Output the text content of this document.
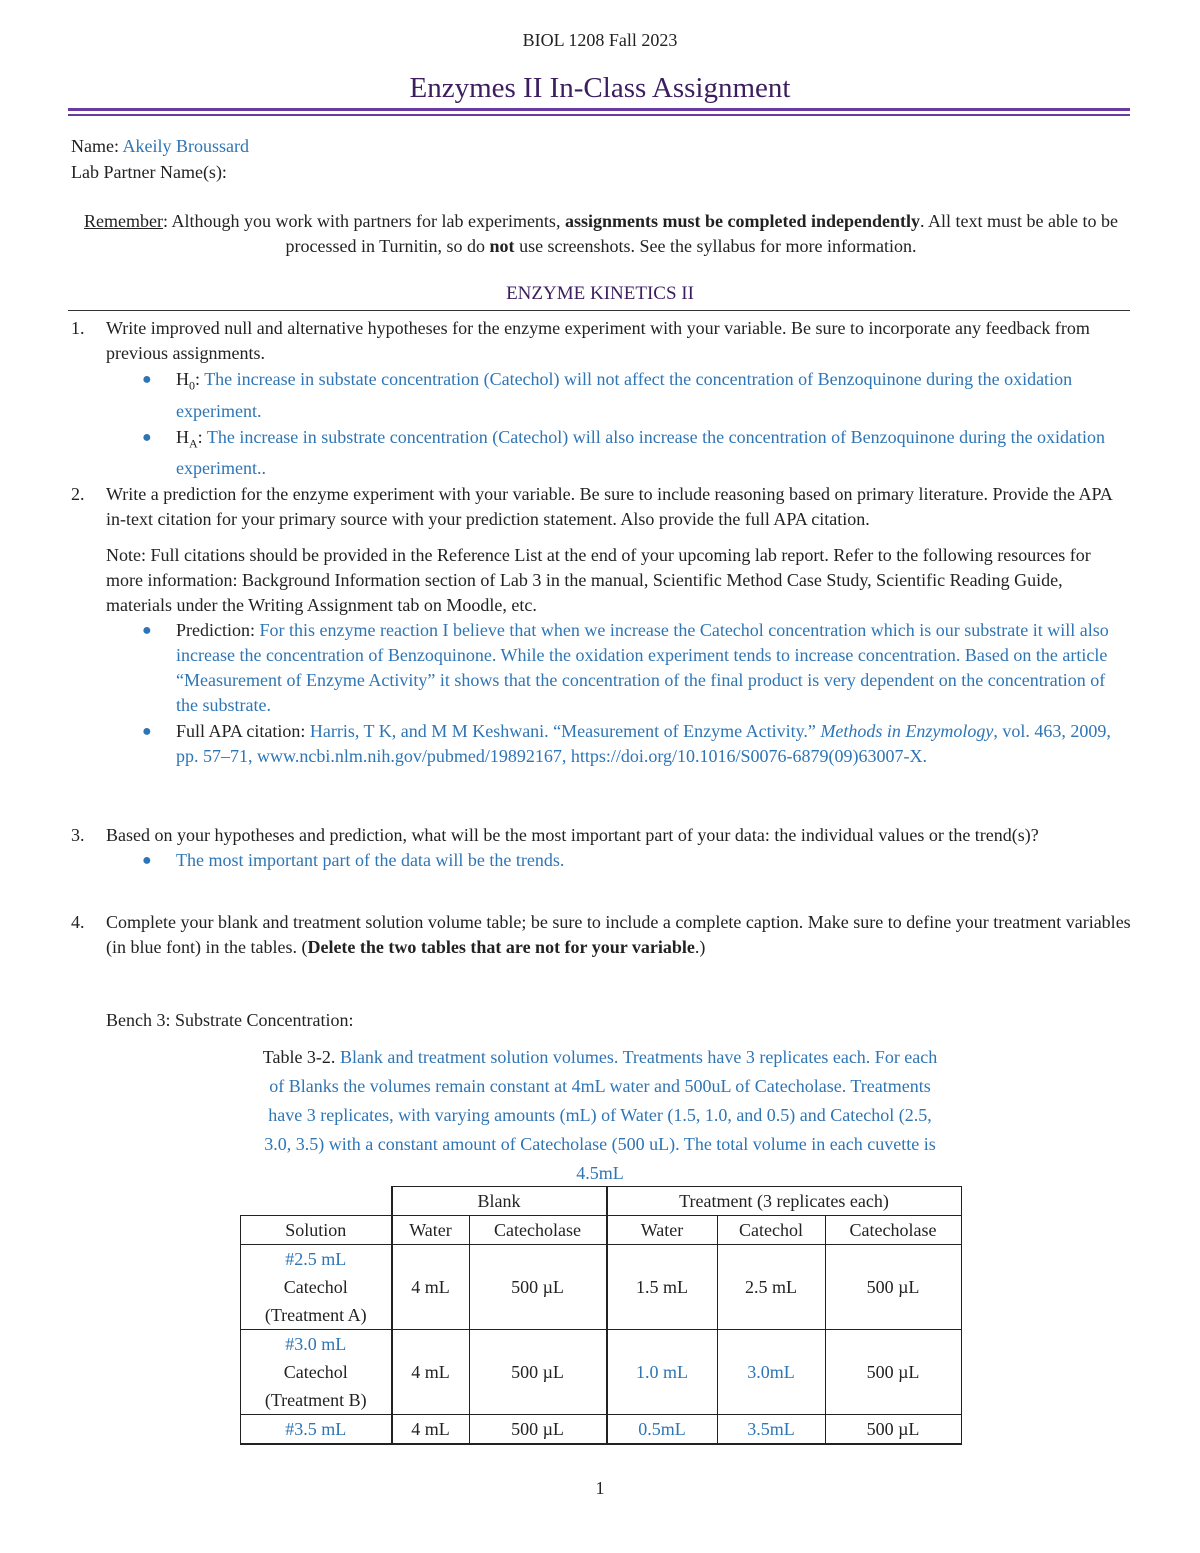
BIOL 1208 Fall 2023
Enzymes II In-Class Assignment
Name: Akeily Broussard
Lab Partner Name(s):
Remember: Although you work with partners for lab experiments, assignments must be completed independently. All text must be able to be processed in Turnitin, so do not use screenshots. See the syllabus for more information.
ENZYME KINETICS II
1.	Write improved null and alternative hypotheses for the enzyme experiment with your variable. Be sure to incorporate any feedback from previous assignments.
● $H_0$: The increase in substate concentration (Catechol) will not affect the concentration of Benzoquinone during the oxidation experiment.
● $H_A$: The increase in substrate concentration (Catechol) will also increase the concentration of Benzoquinone during the oxidation experiment..
2.	Write a prediction for the enzyme experiment with your variable. Be sure to include reasoning based on primary literature. Provide the APA in-text citation for your primary source with your prediction statement. Also provide the full APA citation.
Note: Full citations should be provided in the Reference List at the end of your upcoming lab report. Refer to the following resources for more information: Background Information section of Lab 3 in the manual, Scientific Method Case Study, Scientific Reading Guide, materials under the Writing Assignment tab on Moodle, etc.
● Prediction: For this enzyme reaction I believe that when we increase the Catechol concentration which is our substrate it will also increase the concentration of Benzoquinone. While the oxidation experiment tends to increase concentration. Based on the article “Measurement of Enzyme Activity” it shows that the concentration of the final product is very dependent on the concentration of the substrate.
● Full APA citation: Harris, T K, and M M Keshwani. “Measurement of Enzyme Activity.” Methods in Enzymology, vol. 463, 2009, pp. 57–71, www.ncbi.nlm.nih.gov/pubmed/19892167, https://doi.org/10.1016/S0076-6879(09)63007-X.
3.	Based on your hypotheses and prediction, what will be the most important part of your data: the individual values or the trend(s)?
● The most important part of the data will be the trends.
4.	Complete your blank and treatment solution volume table; be sure to include a complete caption. Make sure to define your treatment variables (in blue font) in the tables. (Delete the two tables that are not for your variable.)
Bench 3: Substrate Concentration:
Table 3-2. Blank and treatment solution volumes. Treatments have 3 replicates each. For each of Blanks the volumes remain constant at 4mL water and 500uL of Catecholase. Treatments have 3 replicates, with varying amounts (mL) of Water (1.5, 1.0, and 0.5) and Catechol (2.5, 3.0, 3.5) with a constant amount of Catecholase (500 uL). The total volume in each cuvette is 4.5mL
	Blank		Treatment (3 replicates each)		
Solution	Water	Catecholase	Water	Catechol	Catecholase

#2.5 mL
Catechol
(Treatment A)	4 mL	500 µL	1.5 mL	2.5 mL	500 µL

#3.0 mL
Catechol
(Treatment B)	4 mL	500 µL	1.0 mL	3.0mL	500 µL
#3.5 mL	4 mL	500 µL	0.5mL	3.5mL	500 µL
1
